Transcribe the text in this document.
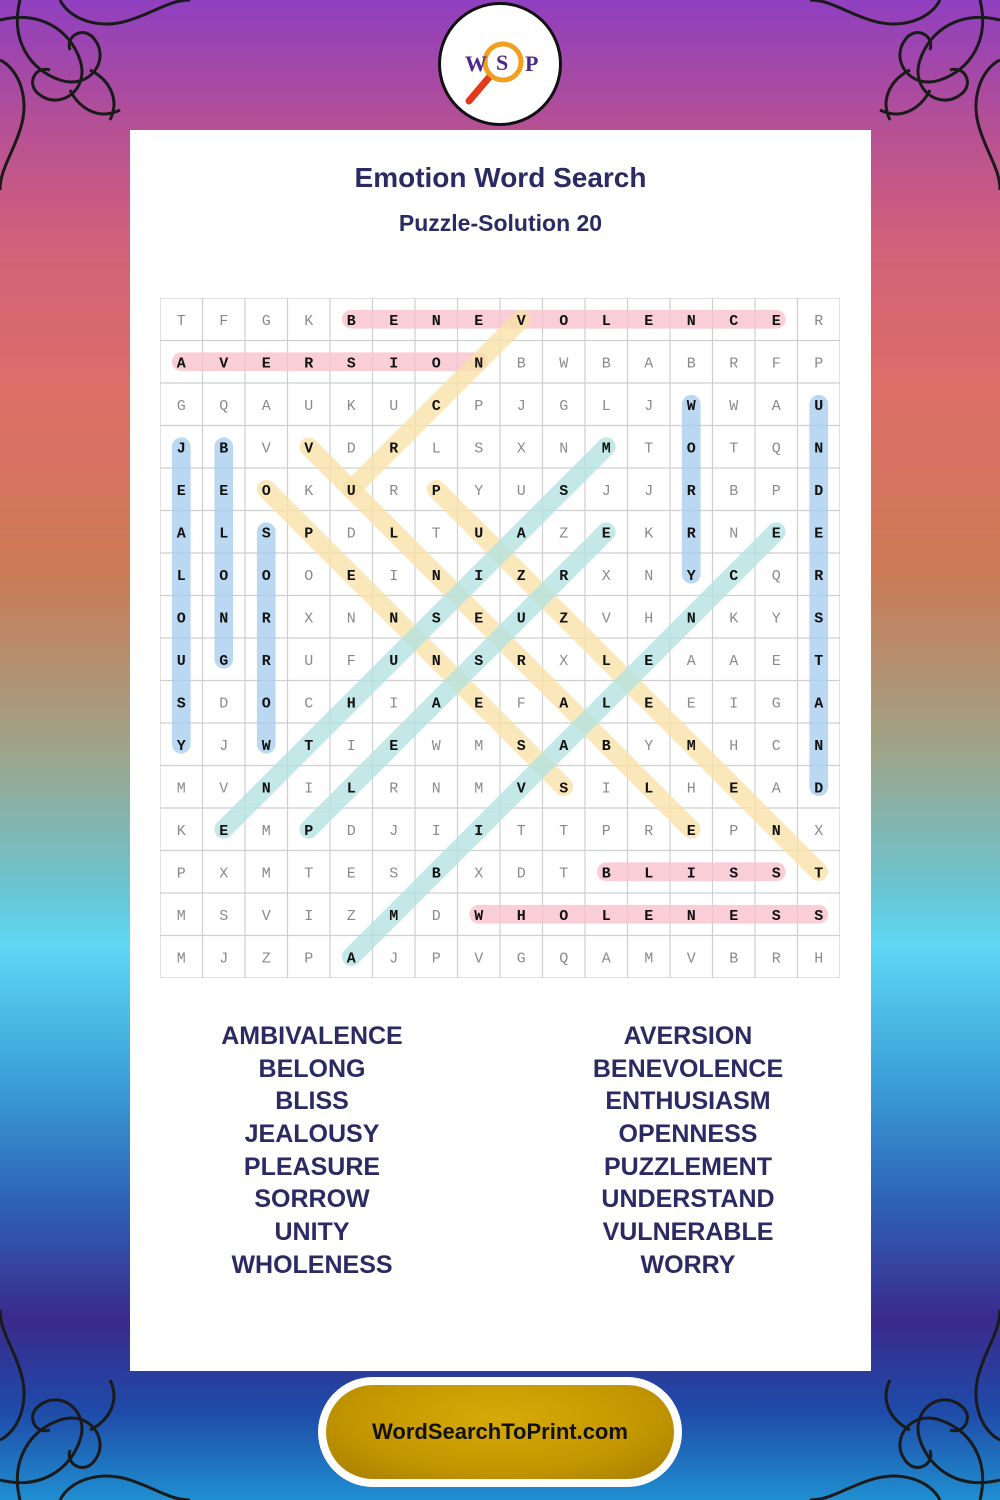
W S P
Emotion Word Search
Puzzle-Solution 20
T F G K B E N E V O L E N C E R
A V E R S I O N B W B A B R F P
G Q A U K U C P J G L J W W A U
J B V V D R L S X N M T O T Q N
E E O K U R P Y U S J J R B P D
A L S P D L T U A Z E K R N E E
L O O O E I N I Z R X N Y C Q R
O N R X N N S E U Z V H N K Y S
U G R U F U N S R X L E A A E T
S D O C H I A E F A L E E I G A
Y J W T I E W M S A B Y M H C N
M V N I L R N M V S I L H E A D
K E M P D J I I T T P R E P N X
P X M T E S B X D T B L I S S T
M S V I Z M D W H O L E N E S S
M J Z P A J P V G Q A M V B R H
AMBIVALENCE
BELONG
BLISS
JEALOUSY
PLEASURE
SORROW
UNITY
WHOLENESS
AVERSION
BENEVOLENCE
ENTHUSIASM
OPENNESS
PUZZLEMENT
UNDERSTAND
VULNERABLE
WORRY
WordSearchToPrint.com
